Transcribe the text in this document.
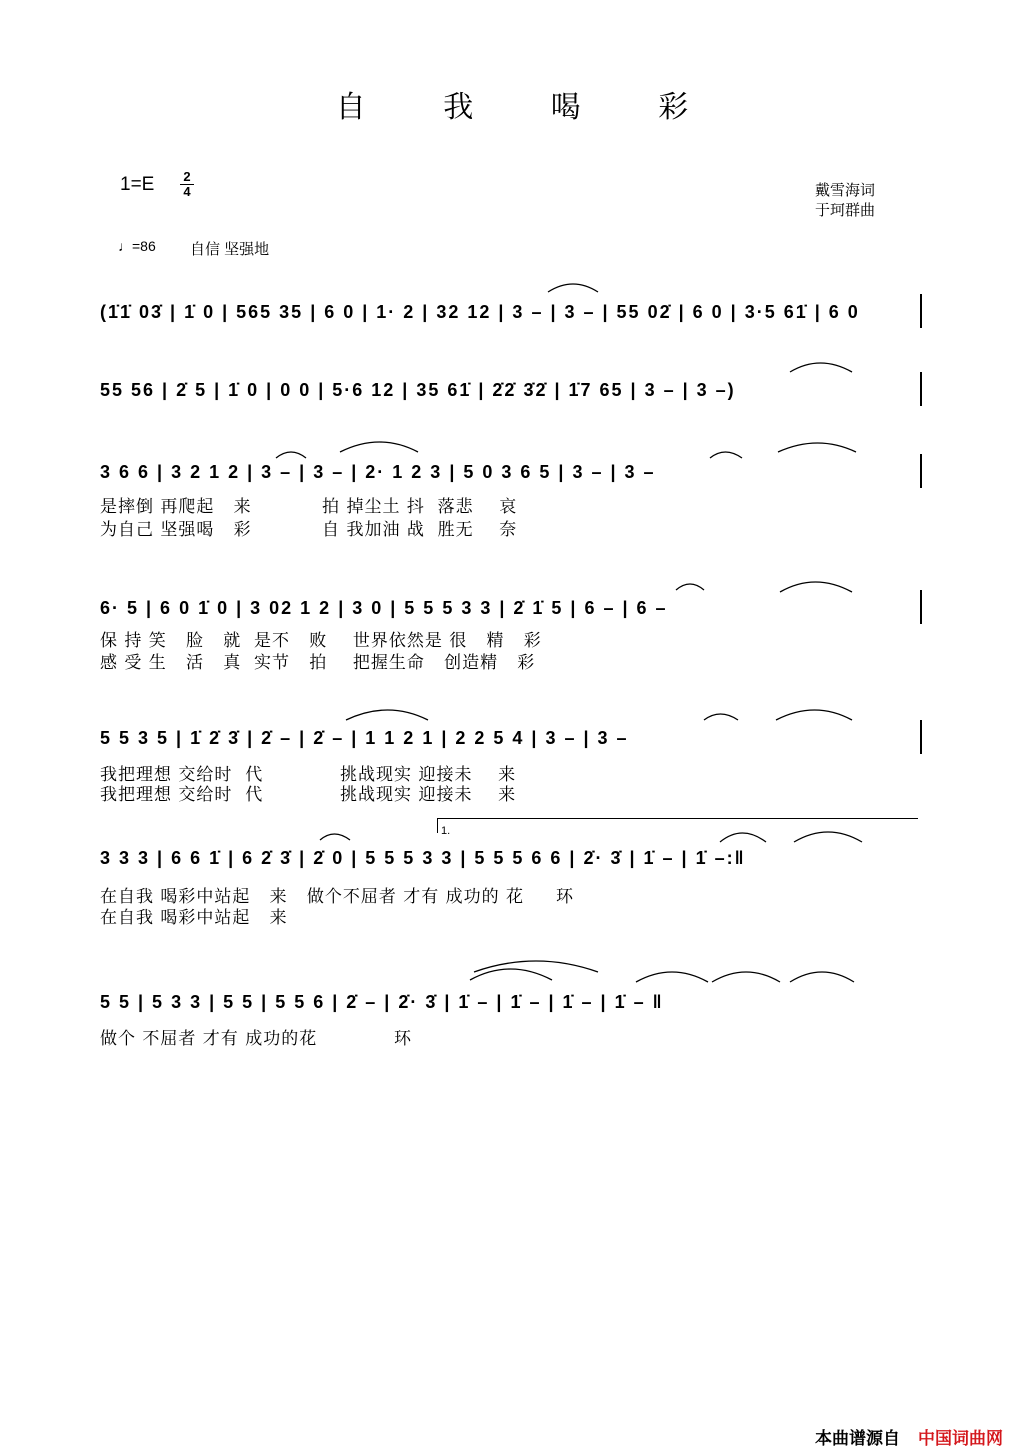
自 我 喝 彩
1=E 2
4	戴雪海词
于珂群曲
♩=86 自信 坚强地

(1̇1̇ 03̇ | 1̇ 0 | 565 35 | 6 0 | 1· 2 | 32 12 | 3 – | 3 – | 55 02̇ | 6 0 | 3·5 61̇ | 6 0

55 56 | 2̇ 5 | 1̇ 0 | 0 0 | 5·6 12 | 35 61̇ | 2̇2̇ 3̇2̇ | 1̇7 65 | 3 – | 3 –)

3 6 6 | 3 2 1 2 | 3 – | 3 – | 2· 1 2 3 | 5 0 3 6 5 | 3 – | 3 –

是摔倒 再爬起   来           拍 掉尘土 抖  落悲    哀
为自己 坚强喝   彩           自 我加油 战  胜无    奈

6· 5 | 6 0 1̇ 0 | 3 02 1 2 | 3 0 | 5 5 5 3 3 | 2̇ 1̇ 5 | 6 – | 6 –

保 持 笑   脸   就  是不   败    世界依然是 很   精   彩
感 受 生   活   真  实节   拍    把握生命   创造精   彩

5 5 3 5 | 1̇ 2̇ 3̇ | 2̇ – | 2̇ – | 1 1 2 1 | 2 2 5 4 | 3 – | 3 –

我把理想 交给时  代            挑战现实 迎接未    来
我把理想 交给时  代            挑战现实 迎接未    来
1.

3 3 3 | 6 6 1̇ | 6 2̇ 3̇ | 2̇ 0 | 5 5 5 3 3 | 5 5 5 6 6 | 2̇· 3̇ | 1̇ – | 1̇ –:‖

在自我 喝彩中站起   来   做个不屈者 才有 成功的 花     环
在自我 喝彩中站起   来

5 5 | 5 3 3 | 5 5 | 5 5 6 | 2̇ – | 2̇· 3̇ | 1̇ – | 1̇ – | 1̇ – | 1̇ – ‖

做个 不屈者 才有 成功的花            环
本曲谱源自 中国词曲网
